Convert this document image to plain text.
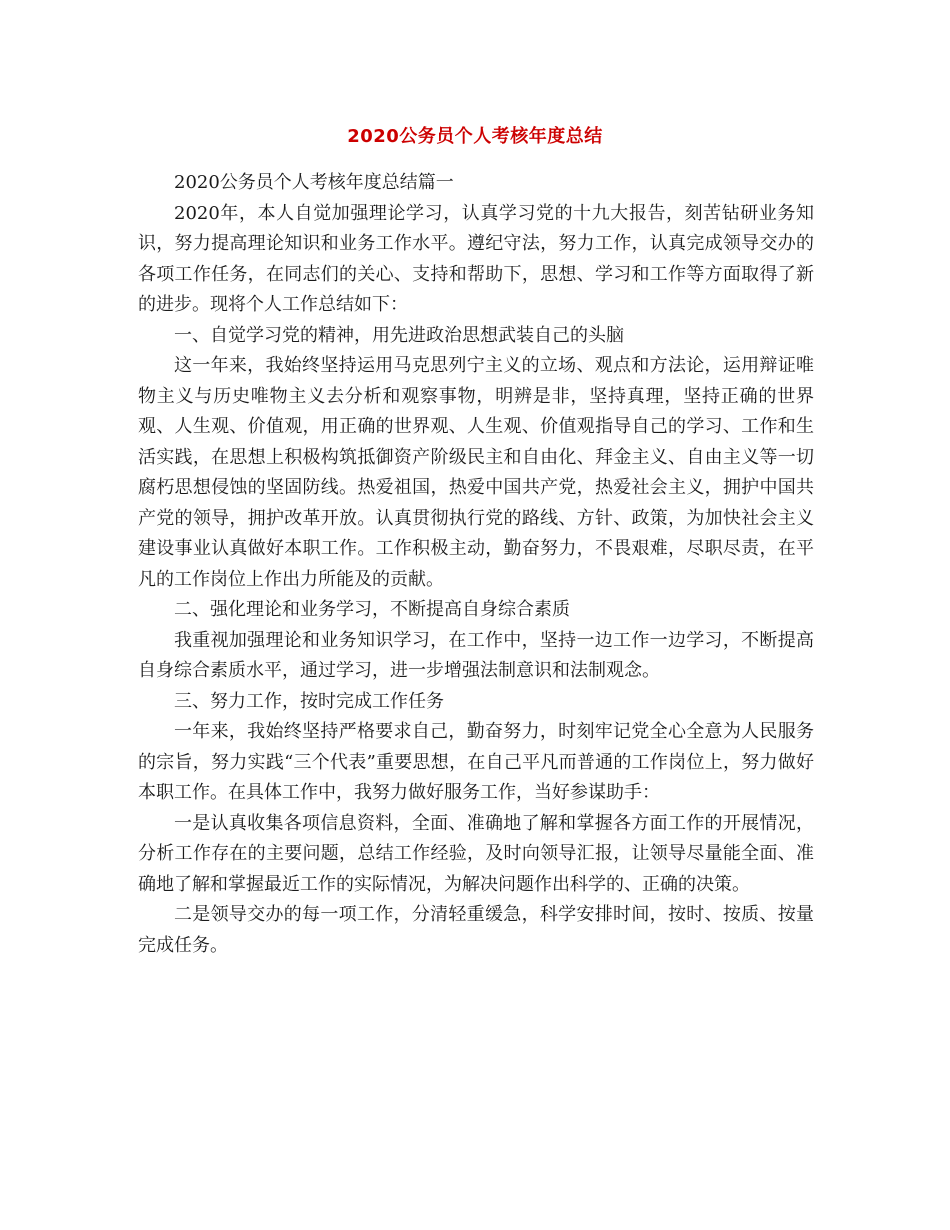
2020公务员个人考核年度总结

2020公务员个人考核年度总结篇一

2020年，本人自觉加强理论学习，认真学习党的十九大报告，刻苦钻研业务知识，努力提高理论知识和业务工作水平。遵纪守法，努力工作，认真完成领导交办的各项工作任务，在同志们的关心、支持和帮助下，思想、学习和工作等方面取得了新的进步。现将个人工作总结如下：

一、自觉学习党的精神，用先进政治思想武装自己的头脑

这一年来，我始终坚持运用马克思列宁主义的立场、观点和方法论，运用辩证唯物主义与历史唯物主义去分析和观察事物，明辨是非，坚持真理，坚持正确的世界观、人生观、价值观，用正确的世界观、人生观、价值观指导自己的学习、工作和生活实践，在思想上积极构筑抵御资产阶级民主和自由化、拜金主义、自由主义等一切腐朽思想侵蚀的坚固防线。热爱祖国，热爱中国共产党，热爱社会主义，拥护中国共产党的领导，拥护改革开放。认真贯彻执行党的路线、方针、政策，为加快社会主义建设事业认真做好本职工作。工作积极主动，勤奋努力，不畏艰难，尽职尽责，在平凡的工作岗位上作出力所能及的贡献。

二、强化理论和业务学习，不断提高自身综合素质

我重视加强理论和业务知识学习，在工作中，坚持一边工作一边学习，不断提高自身综合素质水平，通过学习，进一步增强法制意识和法制观念。

三、努力工作，按时完成工作任务

一年来，我始终坚持严格要求自己，勤奋努力，时刻牢记党全心全意为人民服务的宗旨，努力实践“三个代表”重要思想，在自己平凡而普通的工作岗位上，努力做好本职工作。在具体工作中，我努力做好服务工作，当好参谋助手：

一是认真收集各项信息资料，全面、准确地了解和掌握各方面工作的开展情况，分析工作存在的主要问题，总结工作经验，及时向领导汇报，让领导尽量能全面、准确地了解和掌握最近工作的实际情况，为解决问题作出科学的、正确的决策。

二是领导交办的每一项工作，分清轻重缓急，科学安排时间，按时、按质、按量完成任务。
